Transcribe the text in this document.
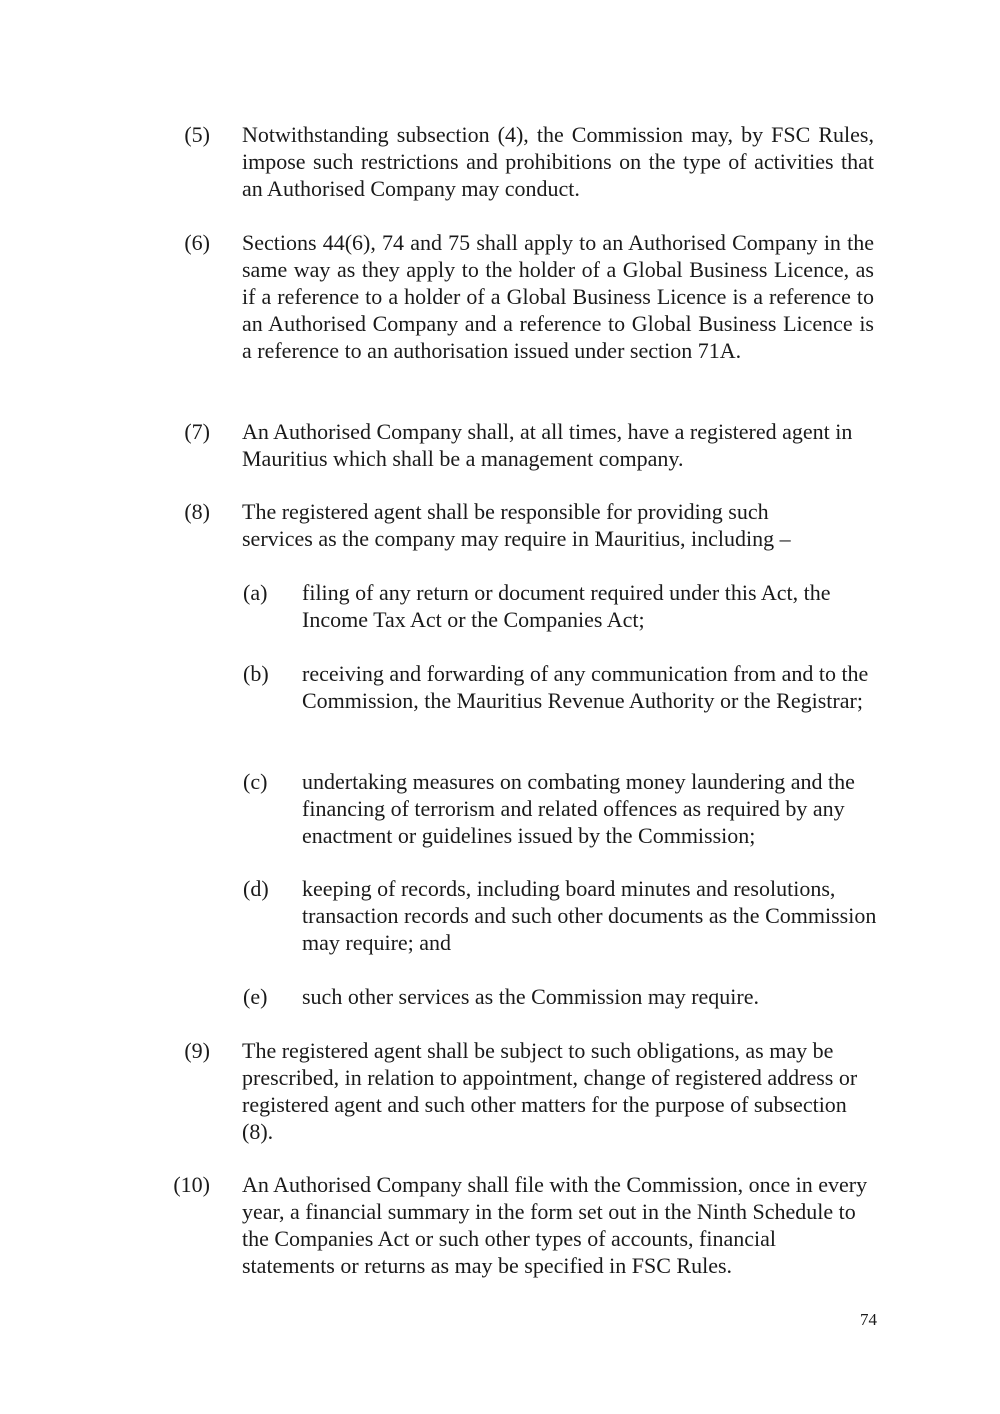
(5) Notwithstanding subsection (4), the Commission may, by FSC Rules, impose such restrictions and prohibitions on the type of activities that an Authorised Company may conduct.
(6) Sections 44(6), 74 and 75 shall apply to an Authorised Company in the same way as they apply to the holder of a Global Business Licence, as if a reference to a holder of a Global Business Licence is a reference to an Authorised Company and a reference to Global Business Licence is a reference to an authorisation issued under section 71A.
(7) An Authorised Company shall, at all times, have a registered agent in Mauritius which shall be a management company.
(8) The registered agent shall be responsible for providing such services as the company may require in Mauritius, including –
(a) filing of any return or document required under this Act, the Income Tax Act or the Companies Act;
(b) receiving and forwarding of any communication from and to the Commission, the Mauritius Revenue Authority or the Registrar;
(c) undertaking measures on combating money laundering and the financing of terrorism and related offences as required by any enactment or guidelines issued by the Commission;
(d) keeping of records, including board minutes and resolutions, transaction records and such other documents as the Commission may require; and
(e) such other services as the Commission may require.
(9) The registered agent shall be subject to such obligations, as may be prescribed, in relation to appointment, change of registered address or registered agent and such other matters for the purpose of subsection (8).
(10) An Authorised Company shall file with the Commission, once in every year, a financial summary in the form set out in the Ninth Schedule to the Companies Act or such other types of accounts, financial statements or returns as may be specified in FSC Rules.
74
